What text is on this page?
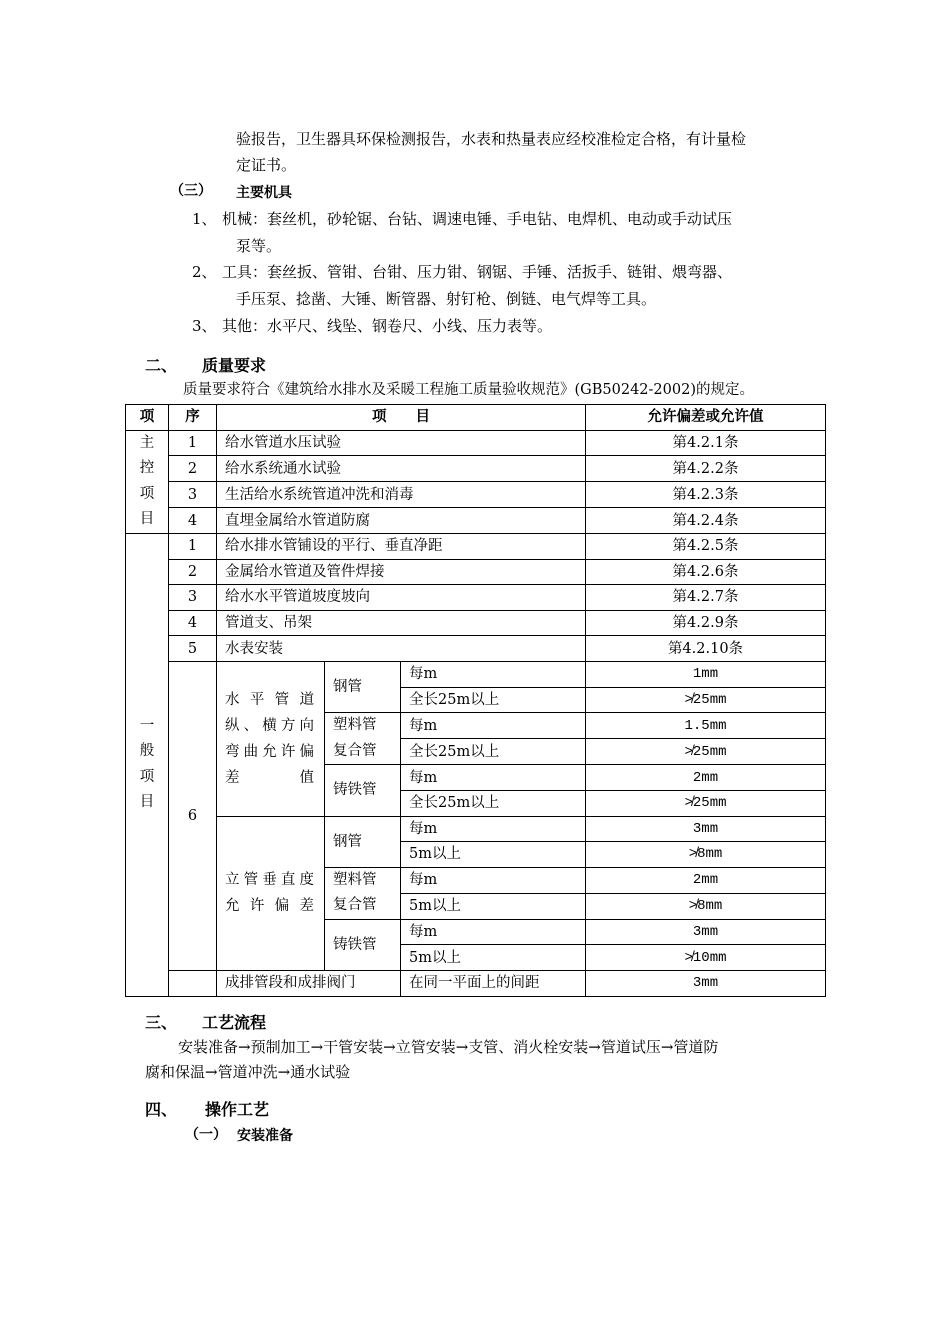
验报告，卫生器具环保检测报告，水表和热量表应经校准检定合格，有计量检
定证书。
（三） 主要机具
1、 机械：套丝机，砂轮锯、台钻、调速电锤、手电钻、电焊机、电动或手动试压
泵等。
2、 工具：套丝扳、管钳、台钳、压力钳、钢锯、手锤、活扳手、链钳、煨弯器、
手压泵、捻凿、大锤、断管器、射钉枪、倒链、电气焊等工具。
3、 其他：水平尺、线坠、钢卷尺、小线、压力表等。
二、 质量要求
质量要求符合《建筑给水排水及采暖工程施工质量验收规范》(GB50242-2002)的规定。
项	序	项　　目			允许偏差或允许值

主控项目	1	给水管道水压试验			第4.2.1条
	2	给水系统通水试验			第4.2.2条
	3	生活给水系统管道冲洗和消毒			第4.2.3条
	4	直埋金属给水管道防腐			第4.2.4条

一般项目	1	给水排水管铺设的平行、垂直净距			第4.2.5条
	2	金属给水管道及管件焊接			第4.2.6条
	3	给水水平管道坡度坡向			第4.2.7条
	4	管道支、吊架			第4.2.9条
	5	水表安装			第4.2.10条
	6	水平管道纵、横方向弯曲允许偏差值	钢管	每m	1mm
				全长25m以上	≯25mm
			塑料管复合管	每m	1.5mm
				全长25m以上	≯25mm
			铸铁管	每m	2mm
				全长25m以上	≯25mm

		立管垂直度允许偏差	钢管	每m	3mm
				5m以上	≯8mm
			塑料管复合管	每m	2mm
				5m以上	≯8mm
			铸铁管	每m	3mm
				5m以上	≯10mm
		成排管段和成排阀门		在同一平面上的间距	3mm
三、 工艺流程
安装准备→预制加工→干管安装→立管安装→支管、消火栓安装→管道试压→管道防
腐和保温→管道冲洗→通水试验
四、 操作工艺
（一） 安装准备
